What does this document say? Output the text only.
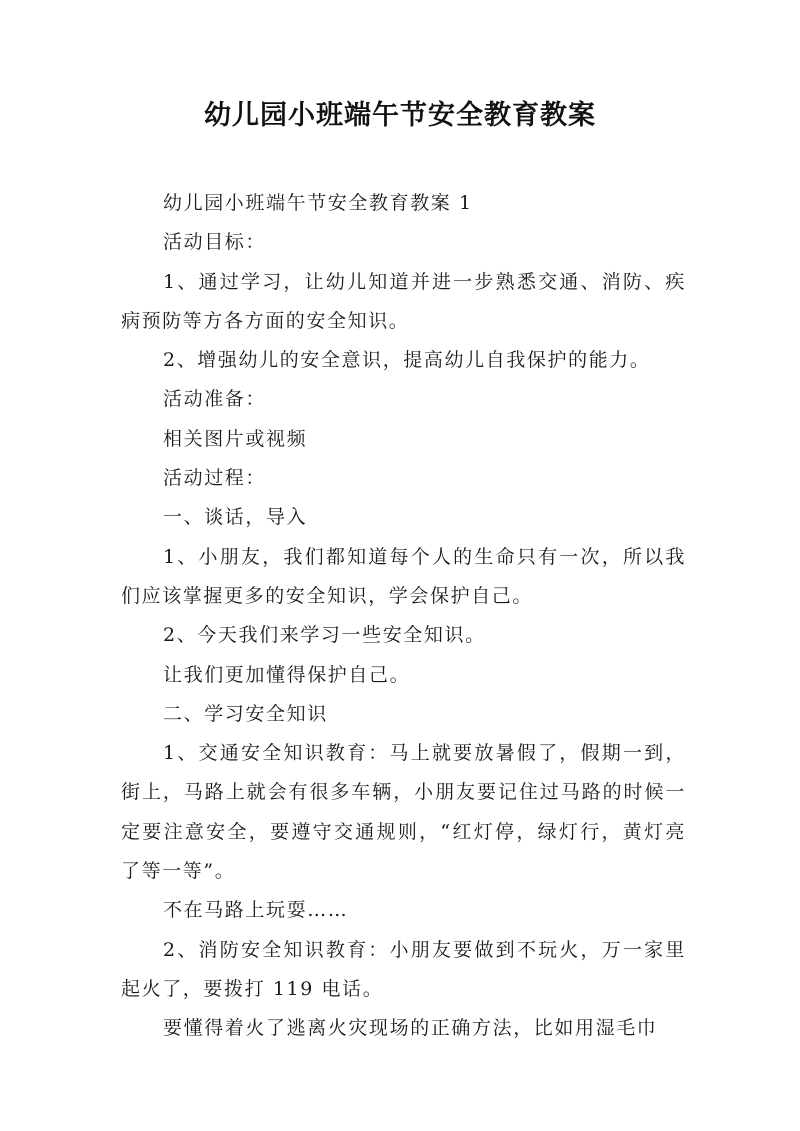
幼儿园小班端午节安全教育教案

幼儿园小班端午节安全教育教案 1

活动目标：

1、通过学习，让幼儿知道并进一步熟悉交通、消防、疾病预防等方各方面的安全知识。

2、增强幼儿的安全意识，提高幼儿自我保护的能力。

活动准备：

相关图片或视频

活动过程：

一、谈话，导入

1、小朋友，我们都知道每个人的生命只有一次，所以我们应该掌握更多的安全知识，学会保护自己。

2、今天我们来学习一些安全知识。

让我们更加懂得保护自己。

二、学习安全知识

1、交通安全知识教育：马上就要放暑假了，假期一到，街上，马路上就会有很多车辆，小朋友要记住过马路的时候一定要注意安全，要遵守交通规则，“红灯停，绿灯行，黄灯亮了等一等”。

不在马路上玩耍……

2、消防安全知识教育：小朋友要做到不玩火，万一家里起火了，要拨打 119 电话。

要懂得着火了逃离火灾现场的正确方法，比如用湿毛巾
